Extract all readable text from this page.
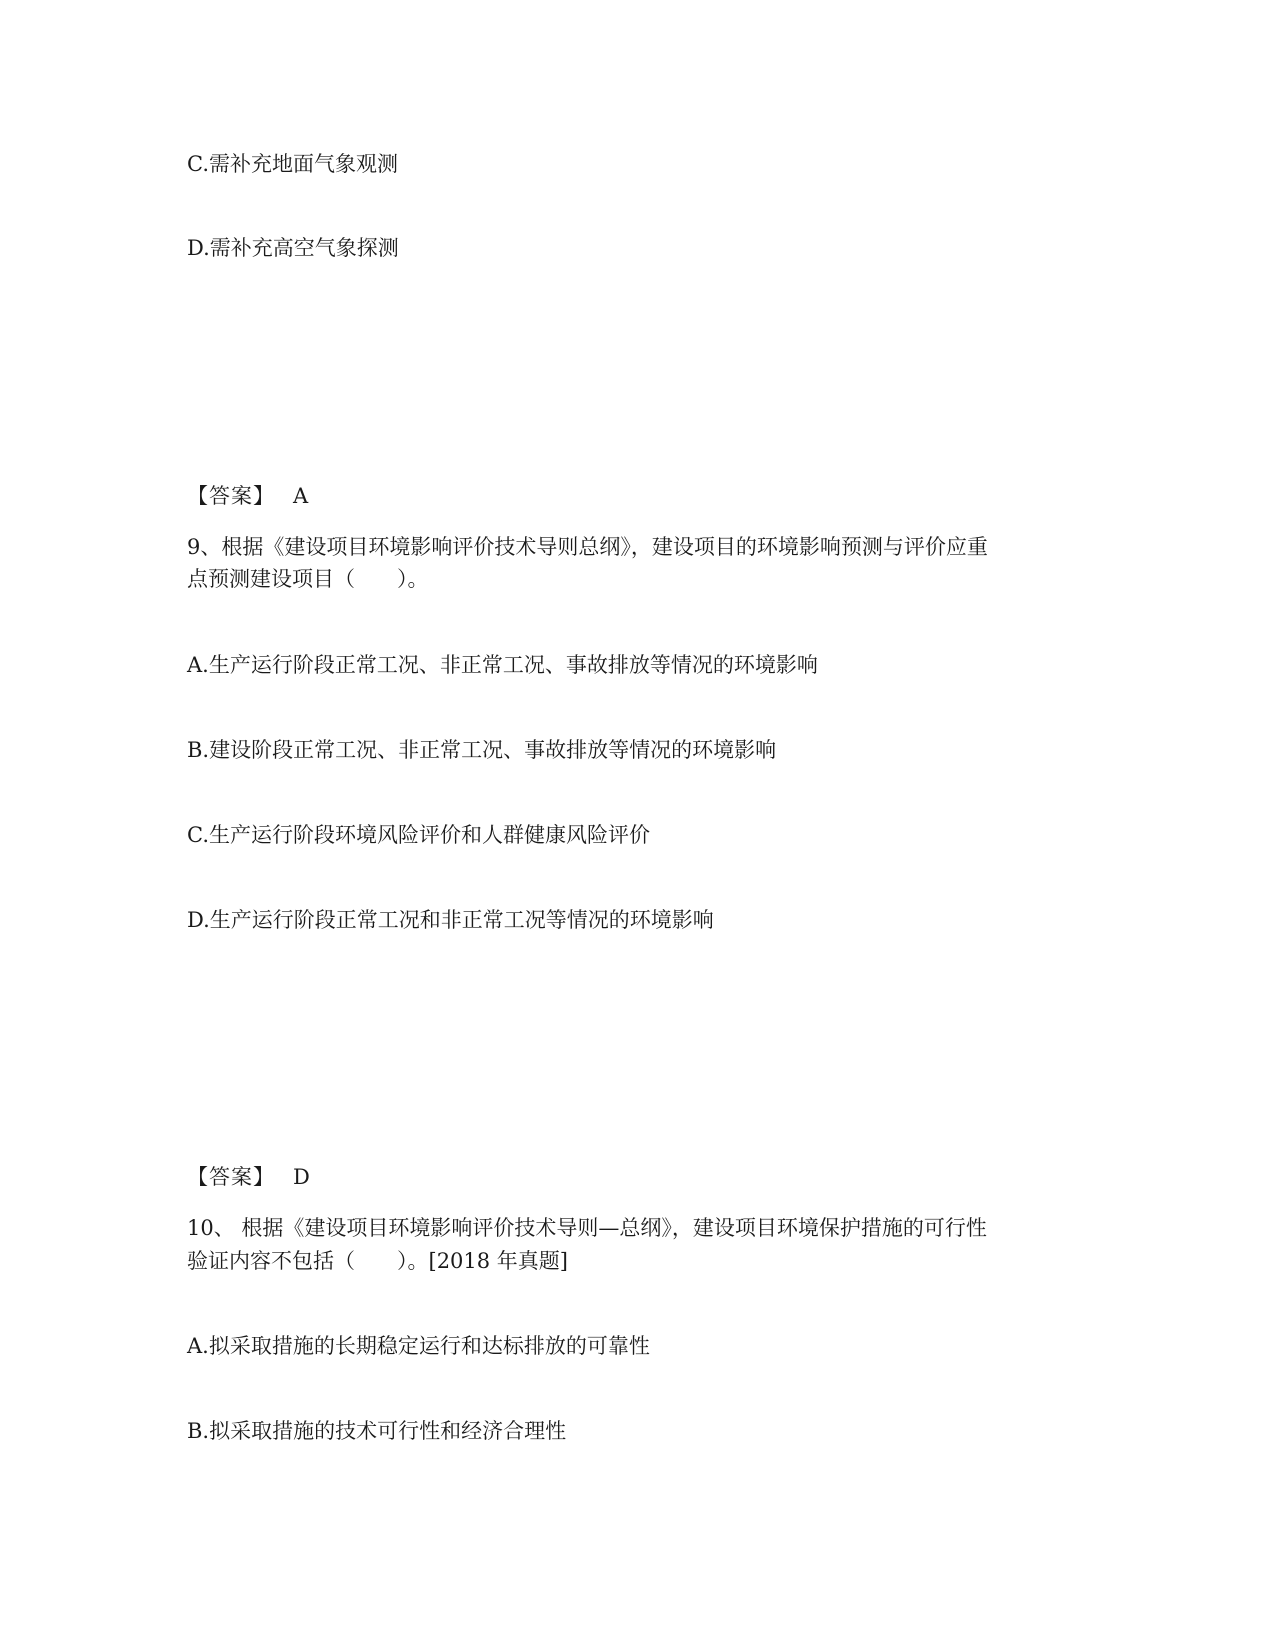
C.需补充地面气象观测
D.需补充高空气象探测
【答案】 A
9、根据《建设项目环境影响评价技术导则总纲》，建设项目的环境影响预测与评价应重
点预测建设项目（　　）。
A.生产运行阶段正常工况、非正常工况、事故排放等情况的环境影响
B.建设阶段正常工况、非正常工况、事故排放等情况的环境影响
C.生产运行阶段环境风险评价和人群健康风险评价
D.生产运行阶段正常工况和非正常工况等情况的环境影响
【答案】 D
10、 根据《建设项目环境影响评价技术导则—总纲》，建设项目环境保护措施的可行性
验证内容不包括（　　）。[2018 年真题]
A.拟采取措施的长期稳定运行和达标排放的可靠性
B.拟采取措施的技术可行性和经济合理性
